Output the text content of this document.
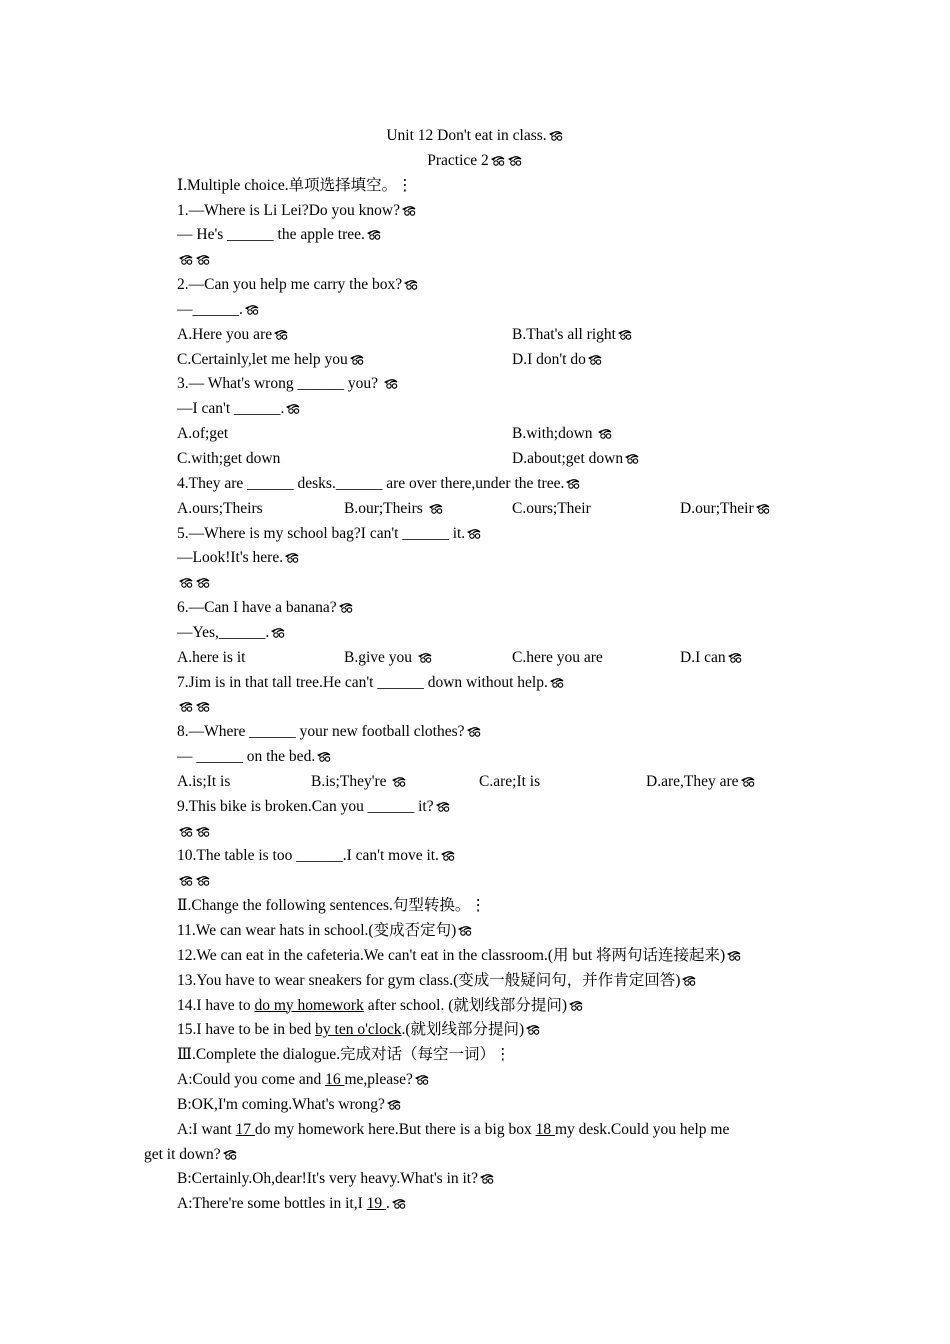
Unit 12 Don't eat in class.
Practice 2
Ⅰ.Multiple choice.单项选择填空。⋮
1.—Where is Li Lei?Do you know?
— He's ______ the apple tree.
2.—Can you help me carry the box?
—______.
A.Here you are	B.That's all right
C.Certainly,let me help you	D.I don't do
3.— What's wrong ______ you?
—I can't ______.
A.of;get	B.with;down
C.with;get down	D.about;get down
4.They are ______ desks.______ are over there,under the tree.
A.ours;Theirs	B.our;Theirs	C.ours;Their	D.our;Their
5.—Where is my school bag?I can't ______ it.
—Look!It's here.
6.—Can I have a banana?
—Yes,______.
A.here is it	B.give you	C.here you are	D.I can
7.Jim is in that tall tree.He can't ______ down without help.
8.—Where ______ your new football clothes?
— ______ on the bed.
A.is;It is	B.is;They're	C.are;It is	D.are,They are
9.This bike is broken.Can you ______ it?
10.The table is too ______.I can't move it.
Ⅱ.Change the following sentences.句型转换。⋮
11.We can wear hats in school.(变成否定句)
12.We can eat in the cafeteria.We can't eat in the classroom.(用 but 将两句话连接起来)
13.You have to wear sneakers for gym class.(变成一般疑问句，并作肯定回答)
14.I have to do my homework after school. (就划线部分提问)
15.I have to be in bed by ten o'clock.(就划线部分提问)
Ⅲ.Complete the dialogue.完成对话（每空一词）⋮
A:Could you come and 16 me,please?
B:OK,I'm coming.What's wrong?
A:I want 17 do my homework here.But there is a big box 18 my desk.Could you help me
get it down?
B:Certainly.Oh,dear!It's very heavy.What's in it?
A:There're some bottles in it,I 19 .
